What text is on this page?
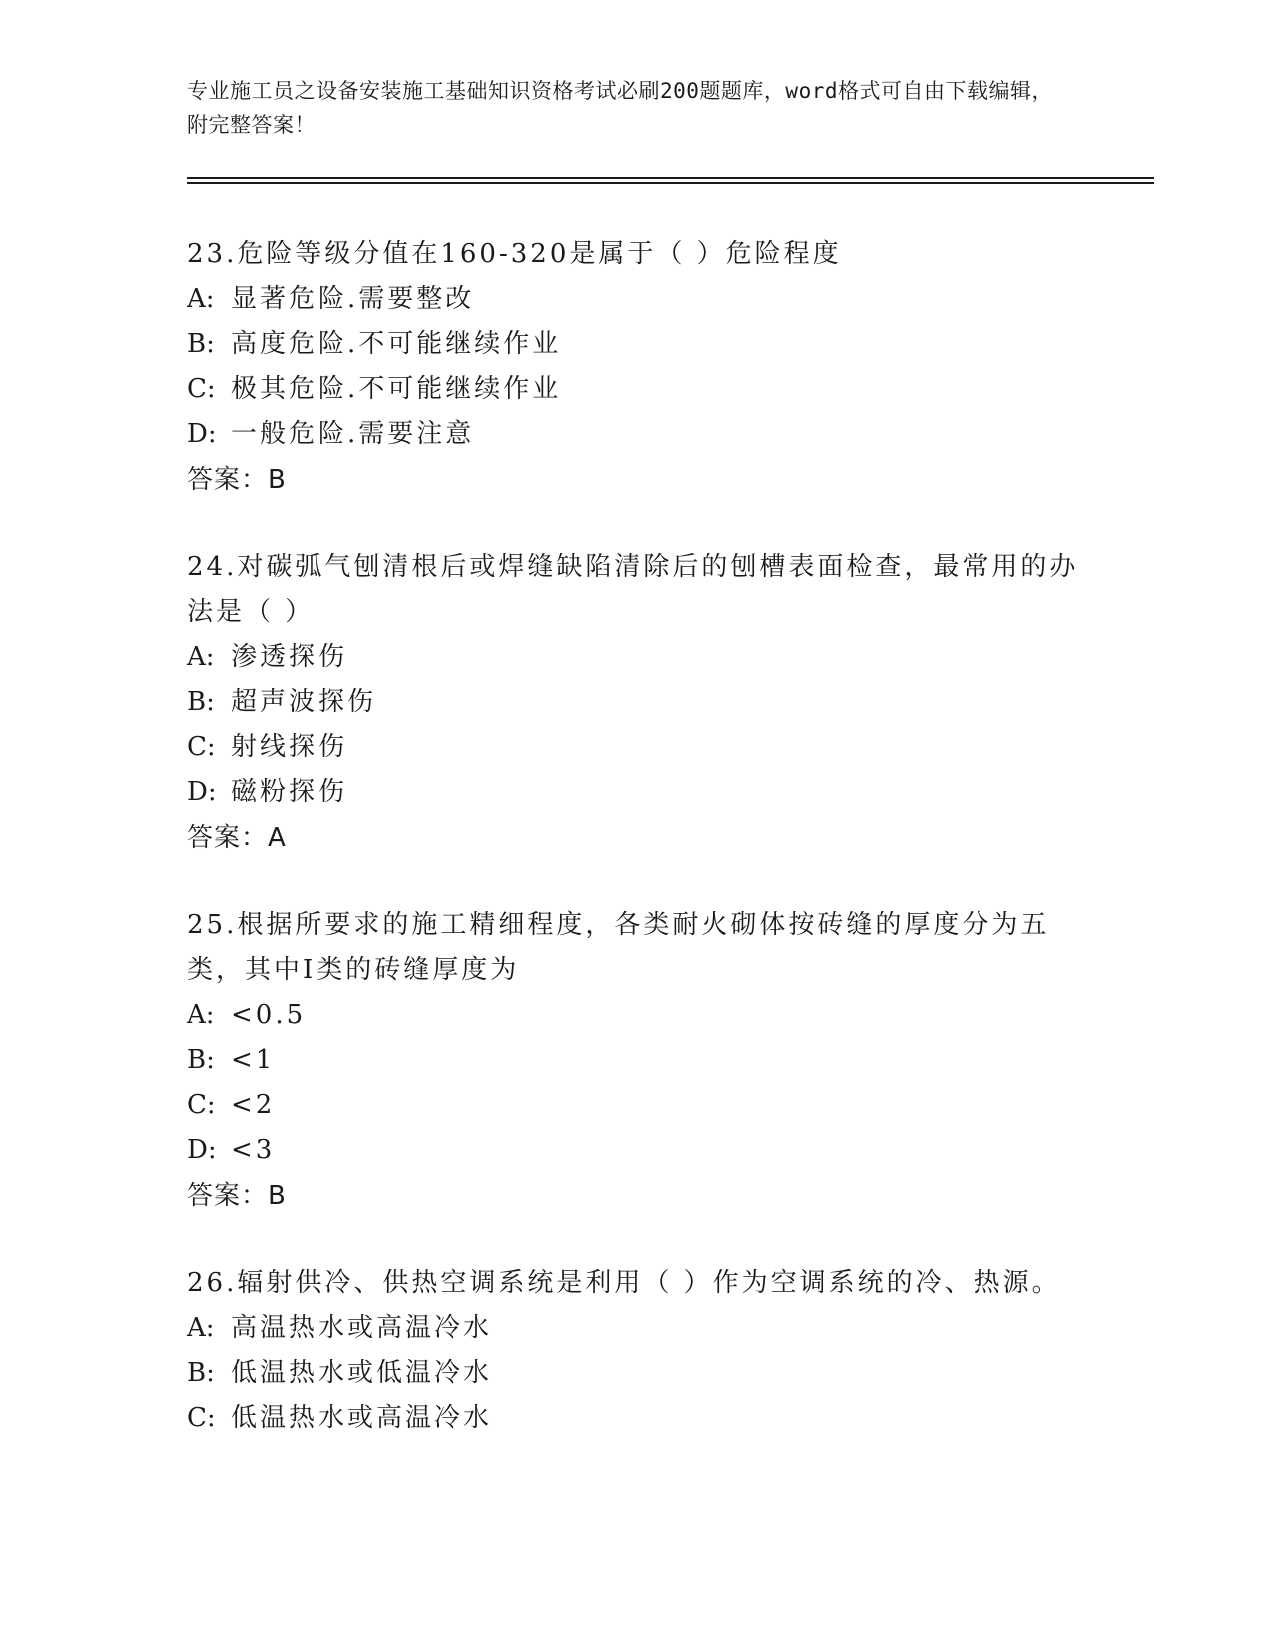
专业施工员之设备安装施工基础知识资格考试必刷200题题库，word格式可自由下载编辑，附完整答案！
23.危险等级分值在160-320是属于（ ）危险程度
A: 显著危险.需要整改
B: 高度危险.不可能继续作业
C: 极其危险.不可能继续作业
D: 一般危险.需要注意
答案：B
24.对碳弧气刨清根后或焊缝缺陷清除后的刨槽表面检查，最常用的办法是（ ）
A: 渗透探伤
B: 超声波探伤
C: 射线探伤
D: 磁粉探伤
答案：A
25.根据所要求的施工精细程度，各类耐火砌体按砖缝的厚度分为五类，其中I类的砖缝厚度为
A: <0.5
B: <1
C: <2
D: <3
答案：B
26.辐射供冷、供热空调系统是利用（ ）作为空调系统的冷、热源。
A: 高温热水或高温冷水
B: 低温热水或低温冷水
C: 低温热水或高温冷水
